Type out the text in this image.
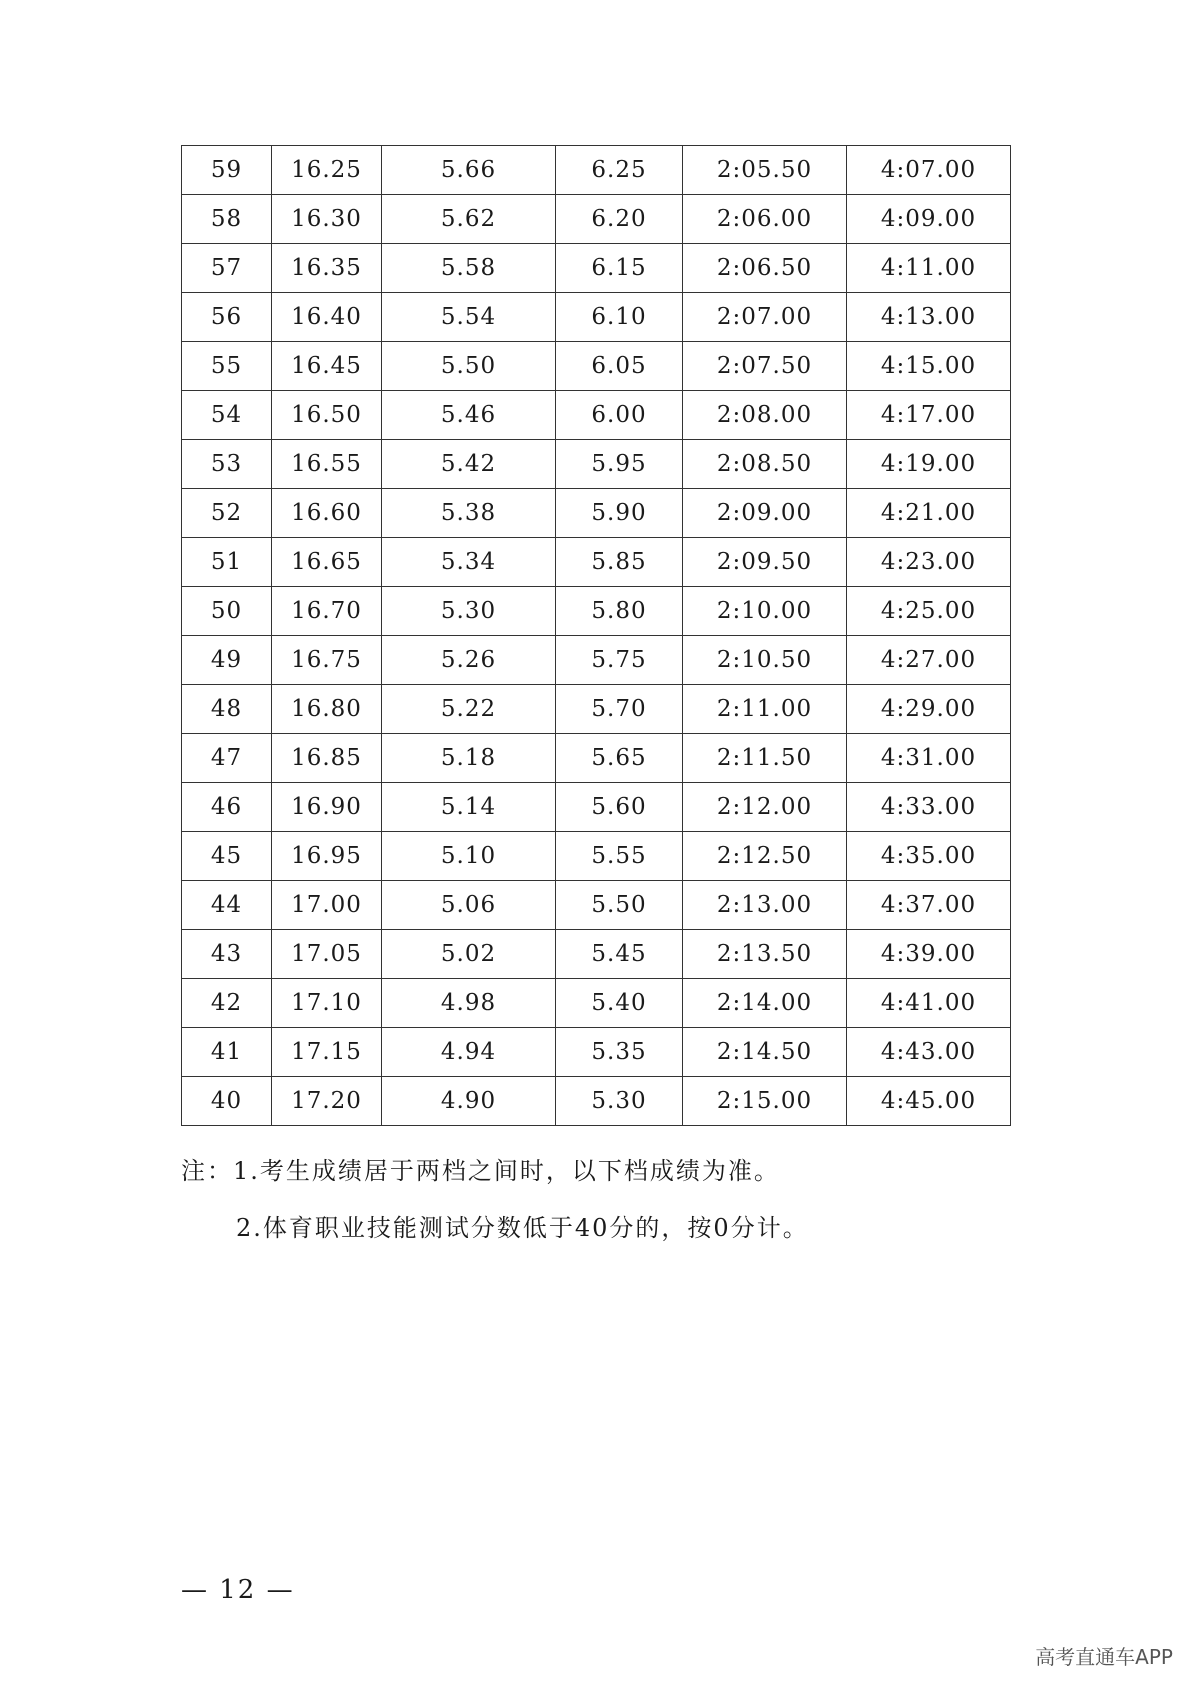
59	16.25	5.66	6.25	2:05.50	4:07.00
58	16.30	5.62	6.20	2:06.00	4:09.00
57	16.35	5.58	6.15	2:06.50	4:11.00
56	16.40	5.54	6.10	2:07.00	4:13.00
55	16.45	5.50	6.05	2:07.50	4:15.00
54	16.50	5.46	6.00	2:08.00	4:17.00
53	16.55	5.42	5.95	2:08.50	4:19.00
52	16.60	5.38	5.90	2:09.00	4:21.00
51	16.65	5.34	5.85	2:09.50	4:23.00
50	16.70	5.30	5.80	2:10.00	4:25.00
49	16.75	5.26	5.75	2:10.50	4:27.00
48	16.80	5.22	5.70	2:11.00	4:29.00
47	16.85	5.18	5.65	2:11.50	4:31.00
46	16.90	5.14	5.60	2:12.00	4:33.00
45	16.95	5.10	5.55	2:12.50	4:35.00
44	17.00	5.06	5.50	2:13.00	4:37.00
43	17.05	5.02	5.45	2:13.50	4:39.00
42	17.10	4.98	5.40	2:14.00	4:41.00
41	17.15	4.94	5.35	2:14.50	4:43.00
40	17.20	4.90	5.30	2:15.00	4:45.00
注：1.考生成绩居于两档之间时，以下档成绩为准。
2.体育职业技能测试分数低于40分的，按0分计。
— 12 —
高考直通车APP
